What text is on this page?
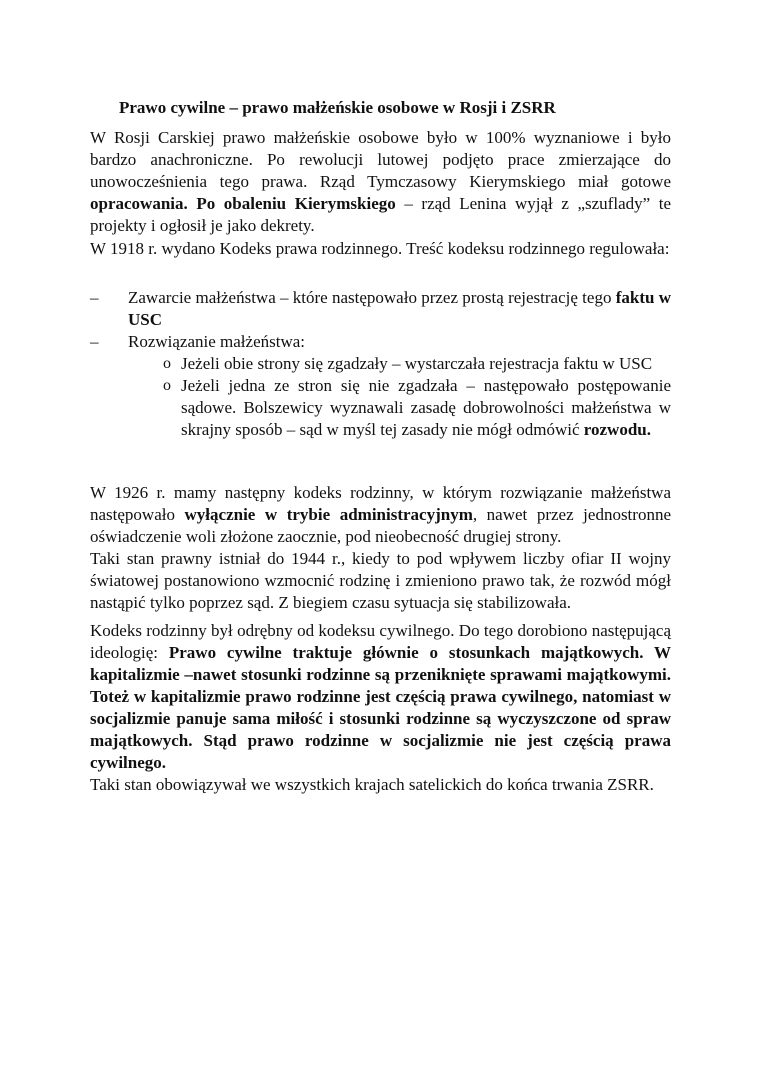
Prawo cywilne – prawo małżeńskie osobowe w Rosji i ZSRR

W Rosji Carskiej prawo małżeńskie osobowe było w 100% wyznaniowe i było bardzo anachroniczne. Po rewolucji lutowej podjęto prace zmierzające do unowocześnienia tego prawa. Rząd Tymczasowy Kierymskiego miał gotowe opracowania. Po obaleniu Kierymskiego – rząd Lenina wyjął z „szuflady” te projekty i ogłosił je jako dekrety.

W 1918 r. wydano Kodeks prawa rodzinnego. Treść kodeksu rodzinnego regulowała:

– Zawarcie małżeństwa – które następowało przez prostą rejestrację tego faktu w USC
– Rozwiązanie małżeństwa:
o Jeżeli obie strony się zgadzały – wystarczała rejestracja faktu w USC
o Jeżeli jedna ze stron się nie zgadzała – następowało postępowanie sądowe. Bolszewicy wyznawali zasadę dobrowolności małżeństwa w skrajny sposób – sąd w myśl tej zasady nie mógł odmówić rozwodu.

W 1926 r. mamy następny kodeks rodzinny, w którym rozwiązanie małżeństwa następowało wyłącznie w trybie administracyjnym, nawet przez jednostronne oświadczenie woli złożone zaocznie, pod nieobecność drugiej strony.

Taki stan prawny istniał do 1944 r., kiedy to pod wpływem liczby ofiar II wojny światowej postanowiono wzmocnić rodzinę i zmieniono prawo tak, że rozwód mógł nastąpić tylko poprzez sąd. Z biegiem czasu sytuacja się stabilizowała.

Kodeks rodzinny był odrębny od kodeksu cywilnego. Do tego dorobiono następującą ideologię: Prawo cywilne traktuje głównie o stosunkach majątkowych. W kapitalizmie –nawet stosunki rodzinne są przeniknięte sprawami majątkowymi. Toteż w kapitalizmie prawo rodzinne jest częścią prawa cywilnego, natomiast w socjalizmie panuje sama miłość i stosunki rodzinne są wyczyszczone od spraw majątkowych. Stąd prawo rodzinne w socjalizmie nie jest częścią prawa cywilnego.

Taki stan obowiązywał we wszystkich krajach satelickich do końca trwania ZSRR.
